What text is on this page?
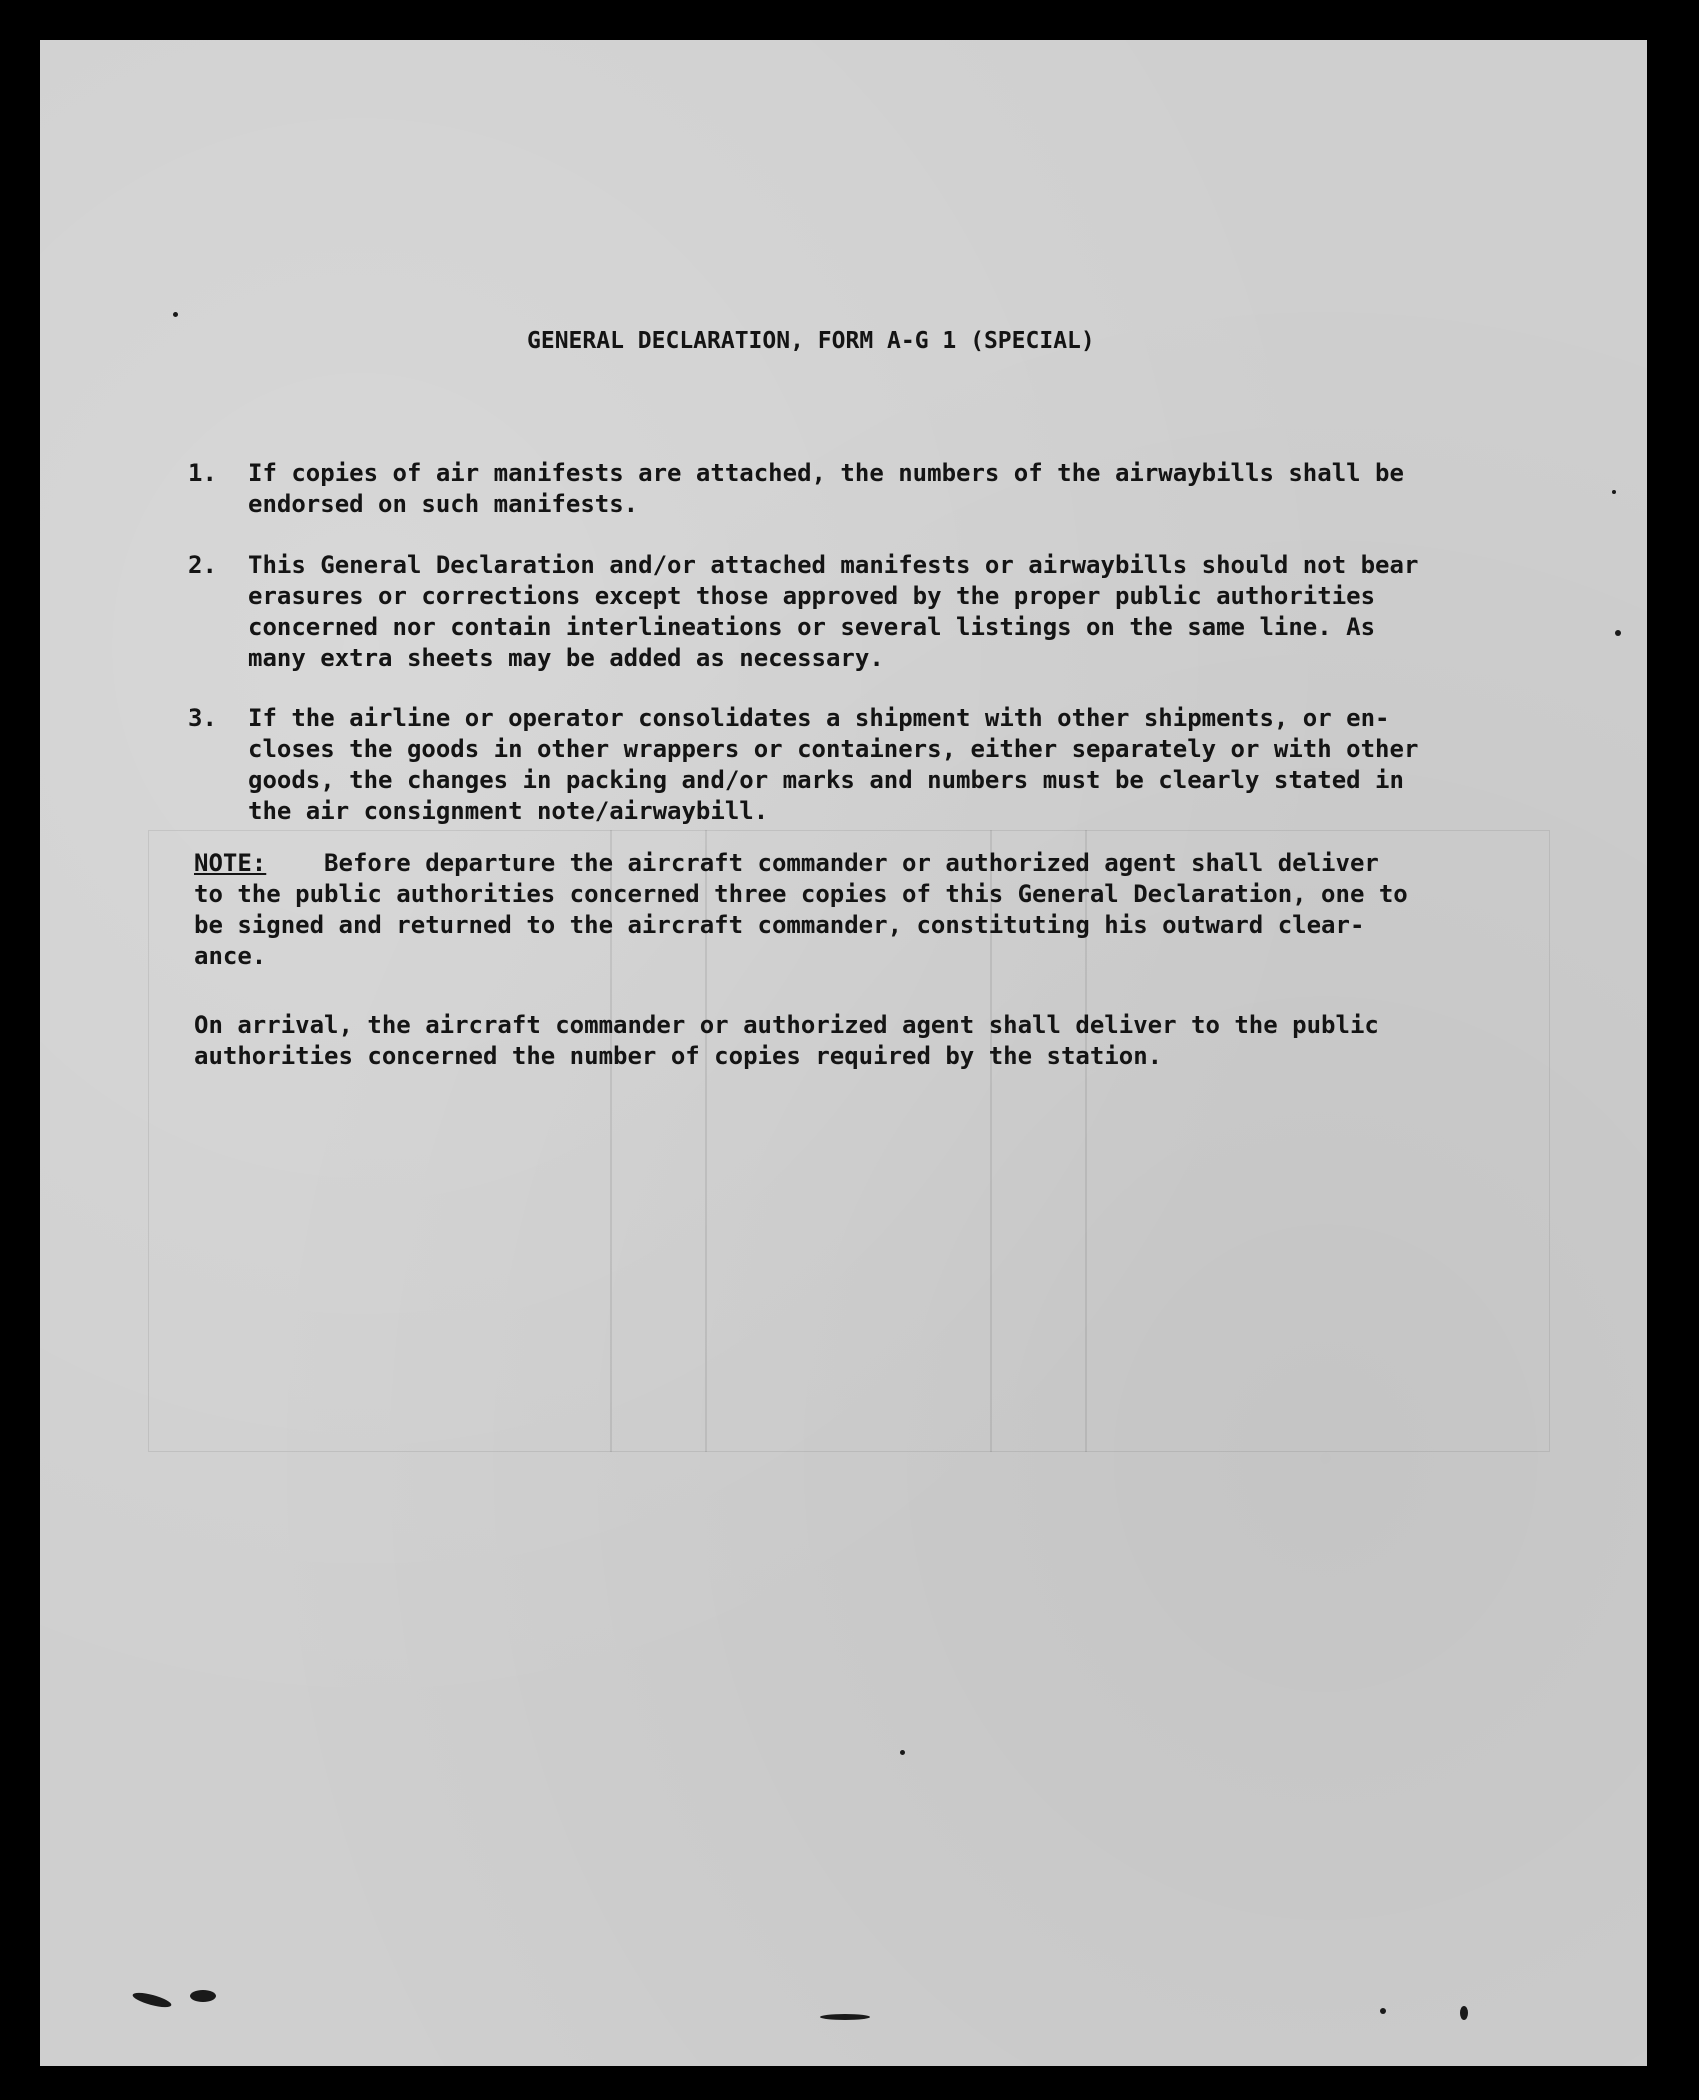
GENERAL DECLARATION, FORM A-G 1 (SPECIAL)
1. If copies of air manifests are attached, the numbers of the airwaybills shall be
endorsed on such manifests.
2. This General Declaration and/or attached manifests or airwaybills should not bear
erasures or corrections except those approved by the proper public authorities
concerned nor contain interlineations or several listings on the same line. As
many extra sheets may be added as necessary.
3. If the airline or operator consolidates a shipment with other shipments, or en-
closes the goods in other wrappers or containers, either separately or with other
goods, the changes in packing and/or marks and numbers must be clearly stated in
the air consignment note/airwaybill.
NOTE:    Before departure the aircraft commander or authorized agent shall deliver
to the public authorities concerned three copies of this General Declaration, one to
be signed and returned to the aircraft commander, constituting his outward clear-
ance.
On arrival, the aircraft commander or authorized agent shall deliver to the public
authorities concerned the number of copies required by the station.
